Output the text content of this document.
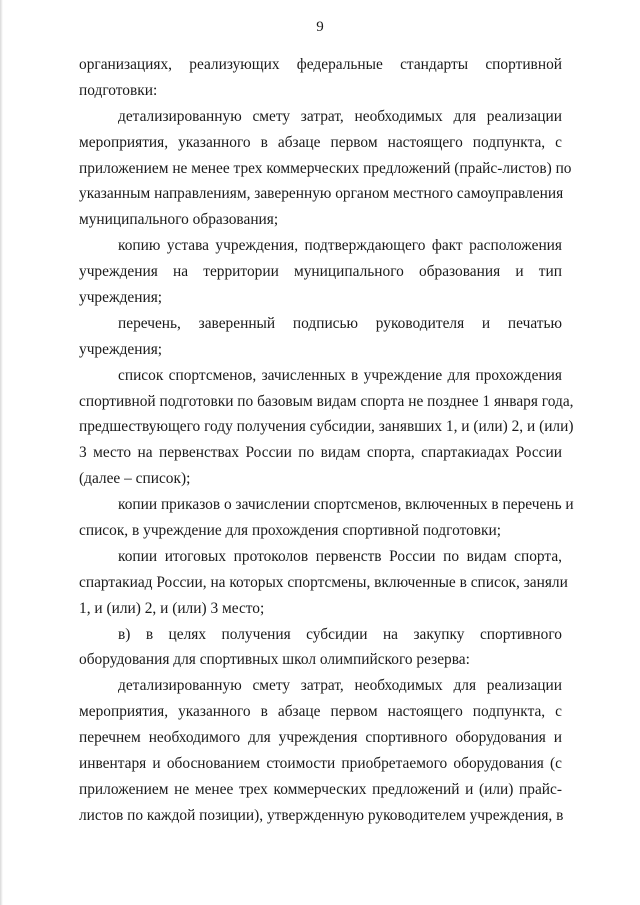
9
организациях, реализующих федеральные стандарты спортивной
подготовки:
детализированную смету затрат, необходимых для реализации
мероприятия, указанного в абзаце первом настоящего подпункта, с
приложением не менее трех коммерческих предложений (прайс-листов) по
указанным направлениям, заверенную органом местного самоуправления
муниципального образования;
копию устава учреждения, подтверждающего факт расположения
учреждения на территории муниципального образования и тип
учреждения;
перечень, заверенный подписью руководителя и печатью
учреждения;
список спортсменов, зачисленных в учреждение для прохождения
спортивной подготовки по базовым видам спорта не позднее 1 января года,
предшествующего году получения субсидии, занявших 1, и (или) 2, и (или)
3 место на первенствах России по видам спорта, спартакиадах России
(далее – список);
копии приказов о зачислении спортсменов, включенных в перечень и
список, в учреждение для прохождения спортивной подготовки;
копии итоговых протоколов первенств России по видам спорта,
спартакиад России, на которых спортсмены, включенные в список, заняли
1, и (или) 2, и (или) 3 место;
в) в целях получения субсидии на закупку спортивного
оборудования для спортивных школ олимпийского резерва:
детализированную смету затрат, необходимых для реализации
мероприятия, указанного в абзаце первом настоящего подпункта, с
перечнем необходимого для учреждения спортивного оборудования и
инвентаря и обоснованием стоимости приобретаемого оборудования (с
приложением не менее трех коммерческих предложений и (или) прайс-
листов по каждой позиции), утвержденную руководителем учреждения, в
